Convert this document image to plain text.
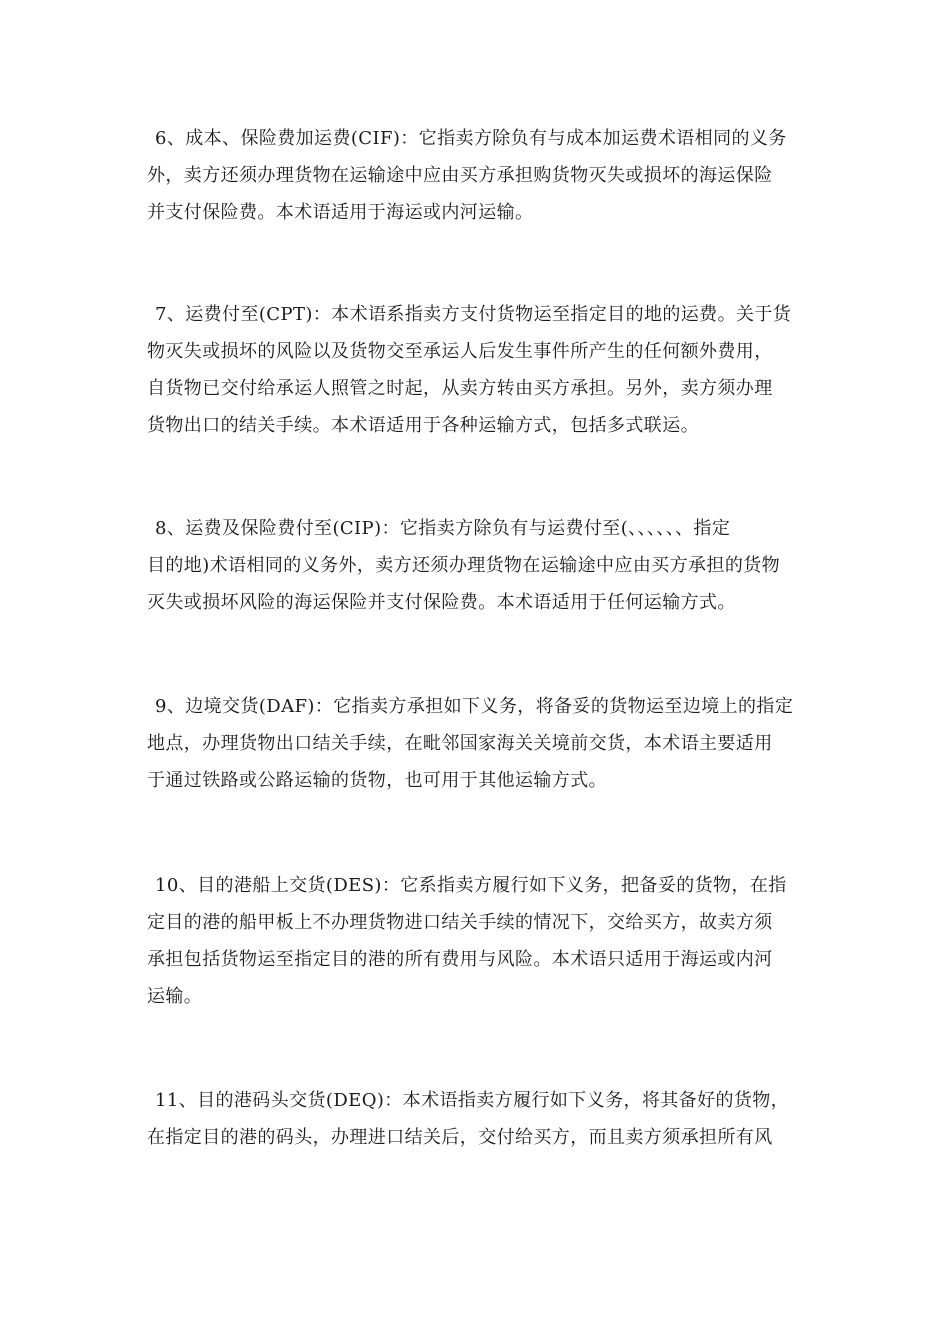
6、成本、保险费加运费(CIF)：它指卖方除负有与成本加运费术语相同的义务
外，卖方还须办理货物在运输途中应由买方承担购货物灭失或损坏的海运保险
并支付保险费。本术语适用于海运或内河运输。

7、运费付至(CPT)：本术语系指卖方支付货物运至指定目的地的运费。关于货
物灭失或损坏的风险以及货物交至承运人后发生事件所产生的任何额外费用，
自货物已交付给承运人照管之时起，从卖方转由买方承担。另外，卖方须办理
货物出口的结关手续。本术语适用于各种运输方式，包括多式联运。

8、运费及保险费付至(CIP)：它指卖方除负有与运费付至(、、、、、、指定
目的地)术语相同的义务外，卖方还须办理货物在运输途中应由买方承担的货物
灭失或损坏风险的海运保险并支付保险费。本术语适用于任何运输方式。

9、边境交货(DAF)：它指卖方承担如下义务，将备妥的货物运至边境上的指定
地点，办理货物出口结关手续，在毗邻国家海关关境前交货，本术语主要适用
于通过铁路或公路运输的货物，也可用于其他运输方式。

10、目的港船上交货(DES)：它系指卖方履行如下义务，把备妥的货物，在指
定目的港的船甲板上不办理货物进口结关手续的情况下，交给买方，故卖方须
承担包括货物运至指定目的港的所有费用与风险。本术语只适用于海运或内河
运输。

11、目的港码头交货(DEQ)：本术语指卖方履行如下义务，将其备好的货物，
在指定目的港的码头，办理进口结关后，交付给买方，而且卖方须承担所有风
